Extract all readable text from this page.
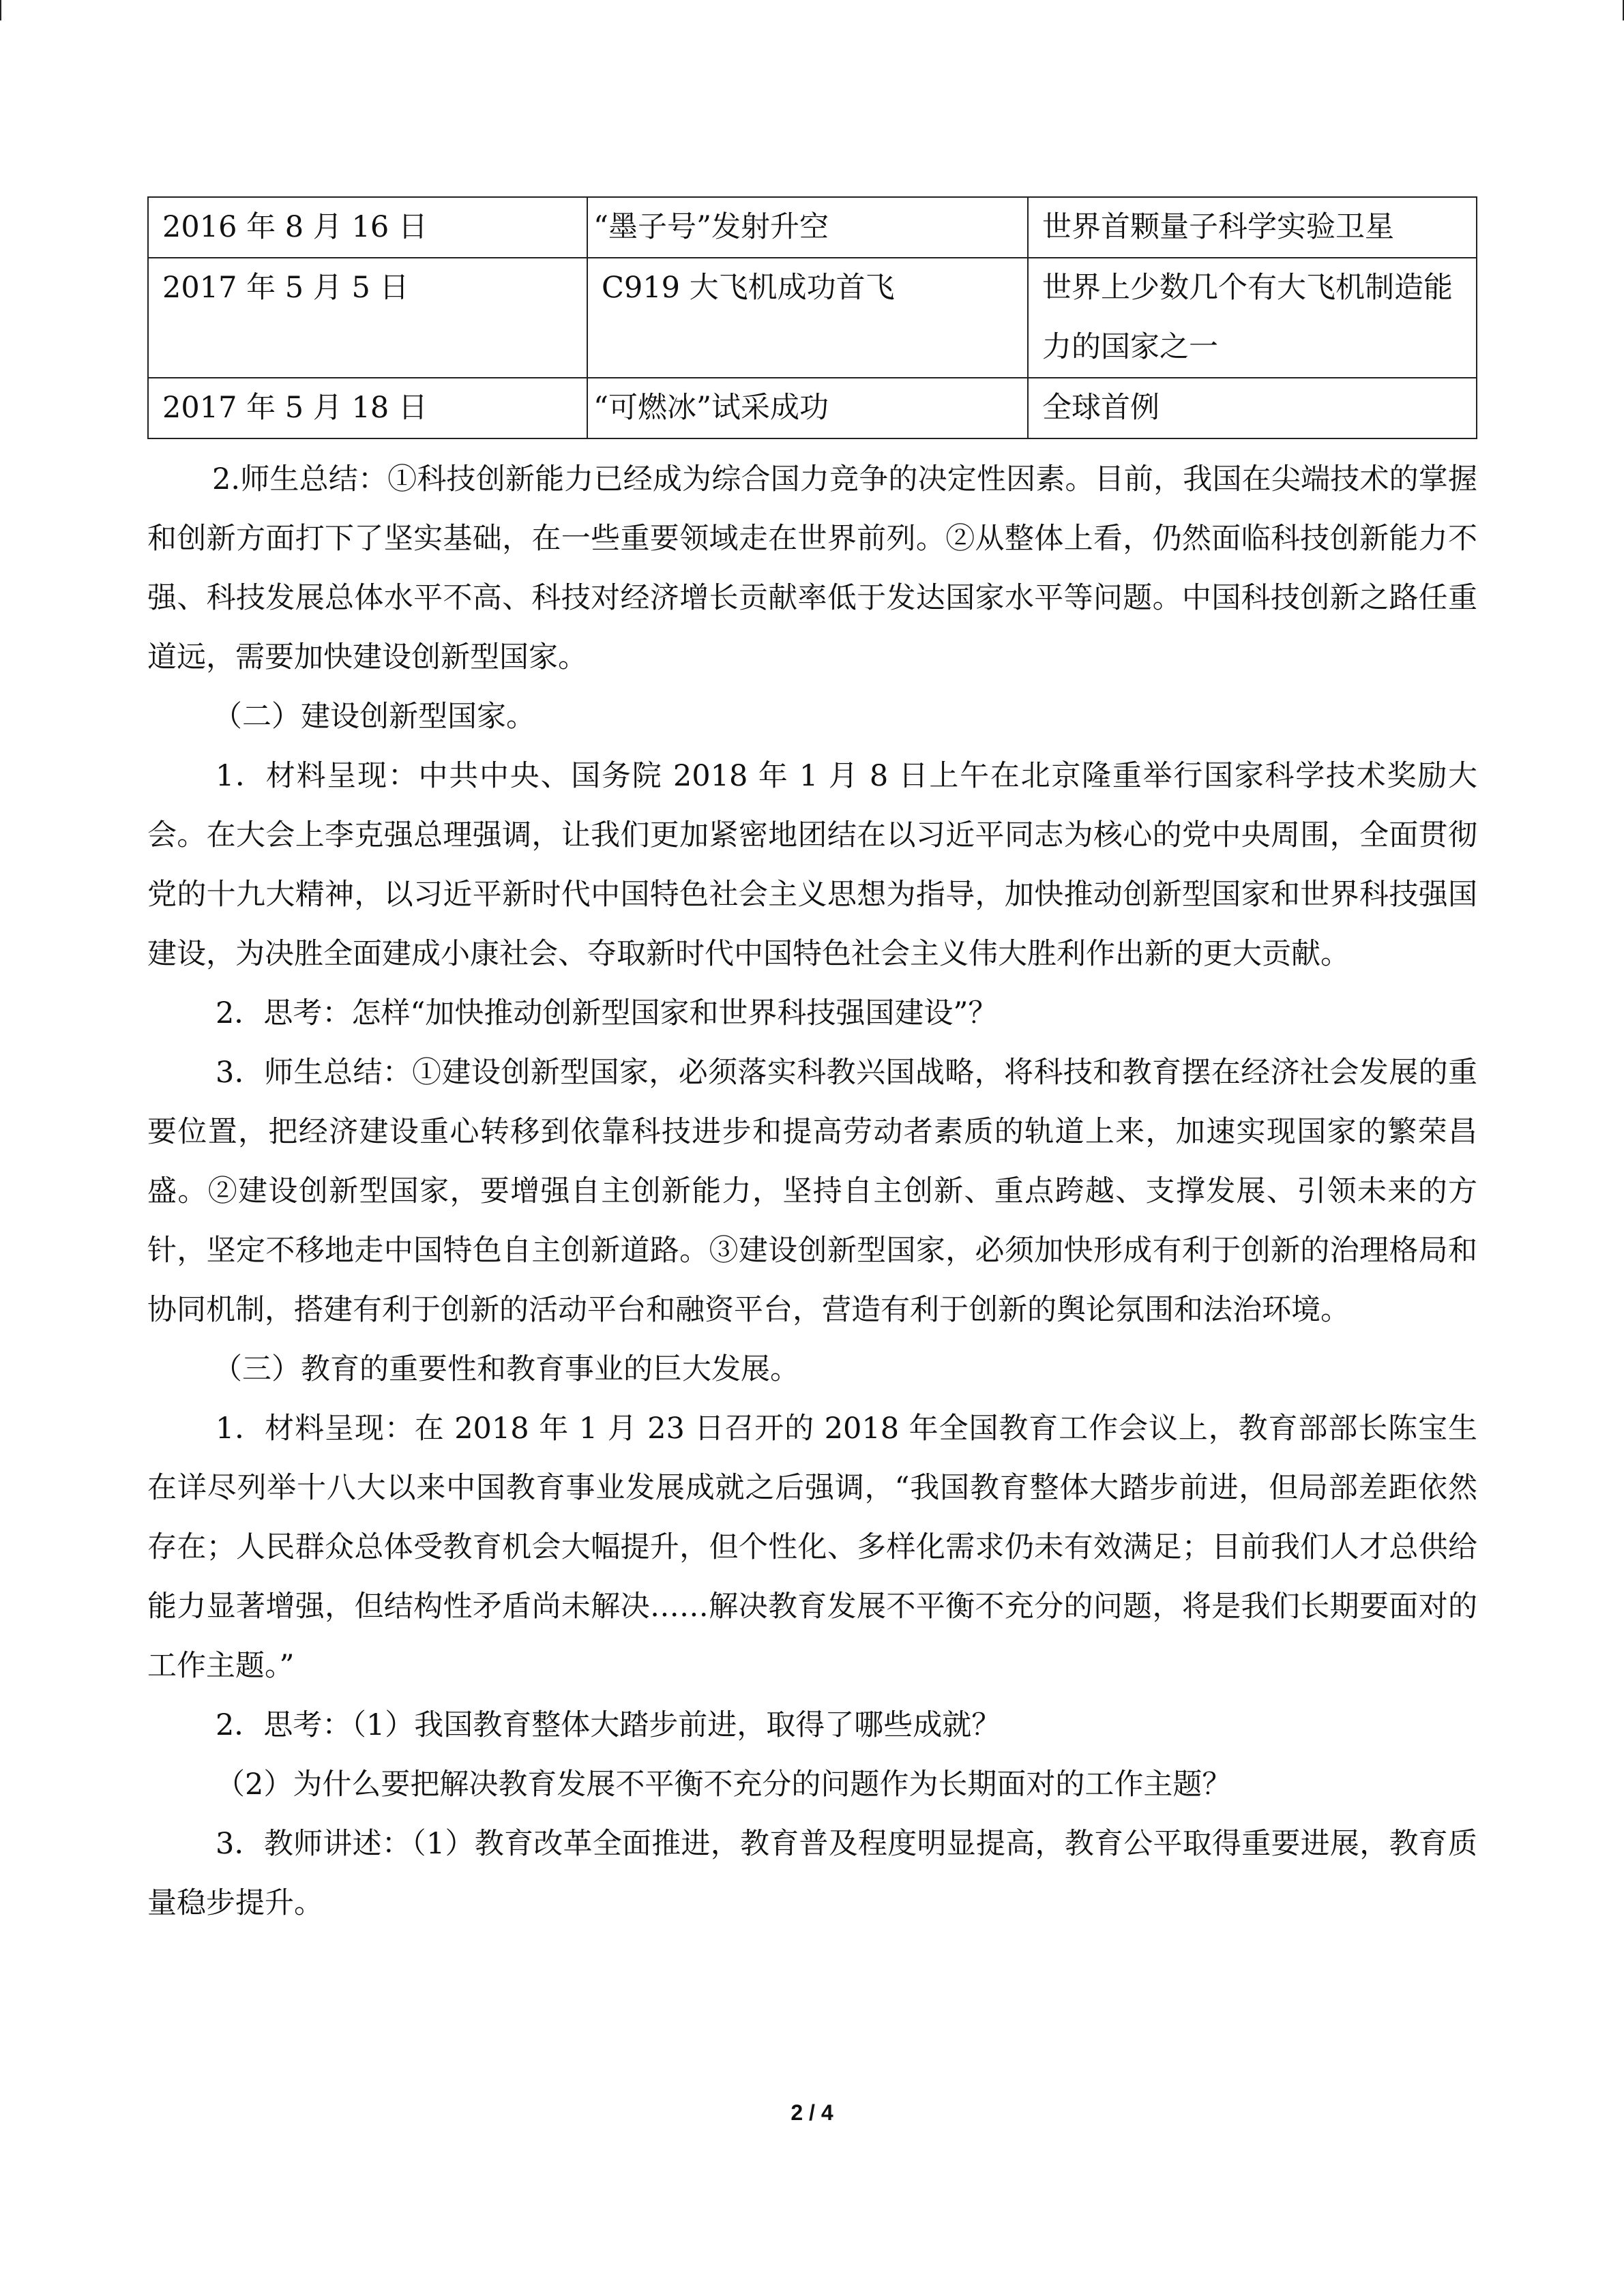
2016 年 8 月 16 日	“墨子号”发射升空	世界首颗量子科学实验卫星
2017 年 5 月 5 日	C919 大飞机成功首飞	世界上少数几个有大飞机制造能力的国家之一
2017 年 5 月 18 日	“可燃冰”试采成功	全球首例

2.师生总结：①科技创新能力已经成为综合国力竞争的决定性因素。目前，我国在尖端技术的掌握和创新方面打下了坚实基础，在一些重要领域走在世界前列。②从整体上看，仍然面临科技创新能力不强、科技发展总体水平不高、科技对经济增长贡献率低于发达国家水平等问题。中国科技创新之路任重道远，需要加快建设创新型国家。

（二）建设创新型国家。

1．材料呈现：中共中央、国务院 2018 年 1 月 8 日上午在北京隆重举行国家科学技术奖励大会。在大会上李克强总理强调，让我们更加紧密地团结在以习近平同志为核心的党中央周围，全面贯彻党的十九大精神，以习近平新时代中国特色社会主义思想为指导，加快推动创新型国家和世界科技强国建设，为决胜全面建成小康社会、夺取新时代中国特色社会主义伟大胜利作出新的更大贡献。

2．思考：怎样“加快推动创新型国家和世界科技强国建设”？

3．师生总结：①建设创新型国家，必须落实科教兴国战略，将科技和教育摆在经济社会发展的重要位置，把经济建设重心转移到依靠科技进步和提高劳动者素质的轨道上来，加速实现国家的繁荣昌盛。②建设创新型国家，要增强自主创新能力，坚持自主创新、重点跨越、支撑发展、引领未来的方针，坚定不移地走中国特色自主创新道路。③建设创新型国家，必须加快形成有利于创新的治理格局和协同机制，搭建有利于创新的活动平台和融资平台，营造有利于创新的舆论氛围和法治环境。

（三）教育的重要性和教育事业的巨大发展。

1．材料呈现：在 2018 年 1 月 23 日召开的 2018 年全国教育工作会议上，教育部部长陈宝生在详尽列举十八大以来中国教育事业发展成就之后强调，“我国教育整体大踏步前进，但局部差距依然存在；人民群众总体受教育机会大幅提升，但个性化、多样化需求仍未有效满足；目前我们人才总供给能力显著增强，但结构性矛盾尚未解决……解决教育发展不平衡不充分的问题，将是我们长期要面对的工作主题。”

2．思考：（1）我国教育整体大踏步前进，取得了哪些成就？

（2）为什么要把解决教育发展不平衡不充分的问题作为长期面对的工作主题？

3．教师讲述：（1）教育改革全面推进，教育普及程度明显提高，教育公平取得重要进展，教育质量稳步提升。

2 / 4
